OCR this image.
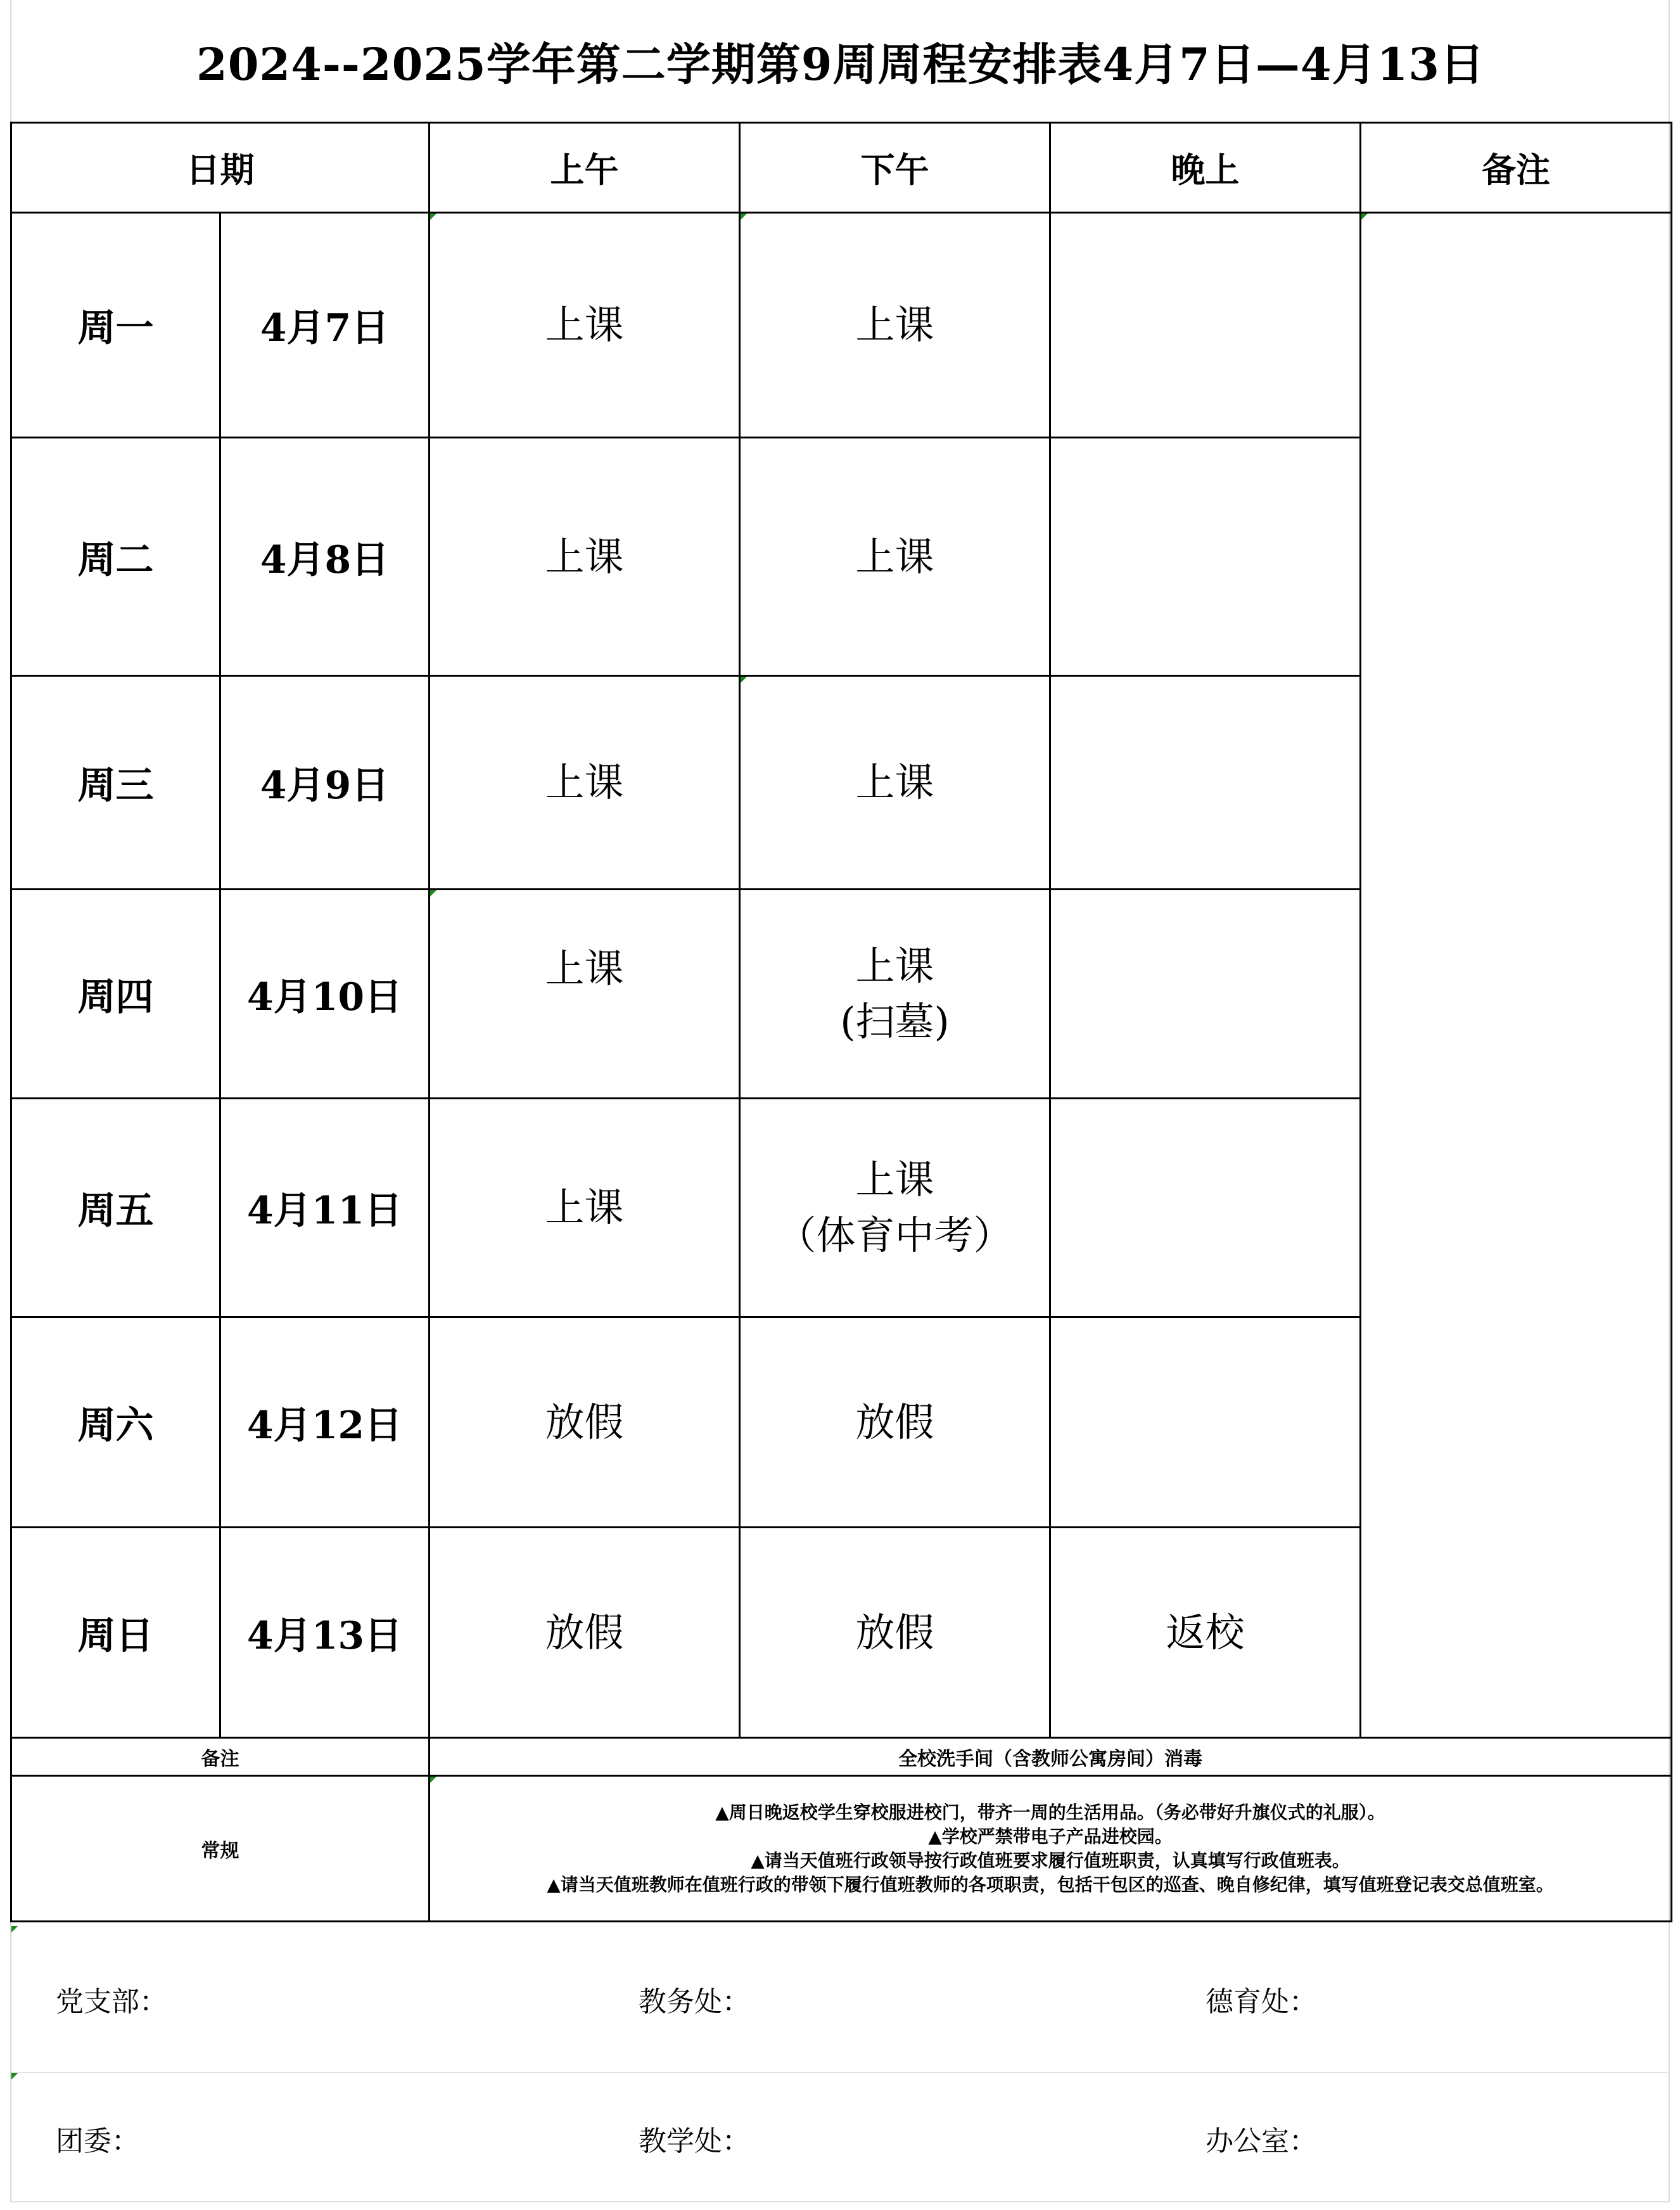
2024--2025学年第二学期第9周周程安排表4月7日—4月13日
日期		上午	下午	晚上	备注
周一	4月7日	上课	上课		

周二	4月8日	上课	上课		

周三	4月9日	上课	上课		

周四	4月10日	上课	上课
(扫墓)		

周五	4月11日	上课	上课
（体育中考）		

周六	4月12日	放假	放假		

周日	4月13日	放假	放假	返校	
备注		全校洗手间（含教师公寓房间）消毒			
常规		▲周日晚返校学生穿校服进校门，带齐一周的生活用品。（务必带好升旗仪式的礼服）。
▲学校严禁带电子产品进校园。
▲请当天值班行政领导按行政值班要求履行值班职责，认真填写行政值班表。
▲请当天值班教师在值班行政的带领下履行值班教师的各项职责，包括干包区的巡查、晚自修纪律，填写值班登记表交总值班室。			
党支部：	教务处：	德育处：
团委：	教学处：	办公室：
